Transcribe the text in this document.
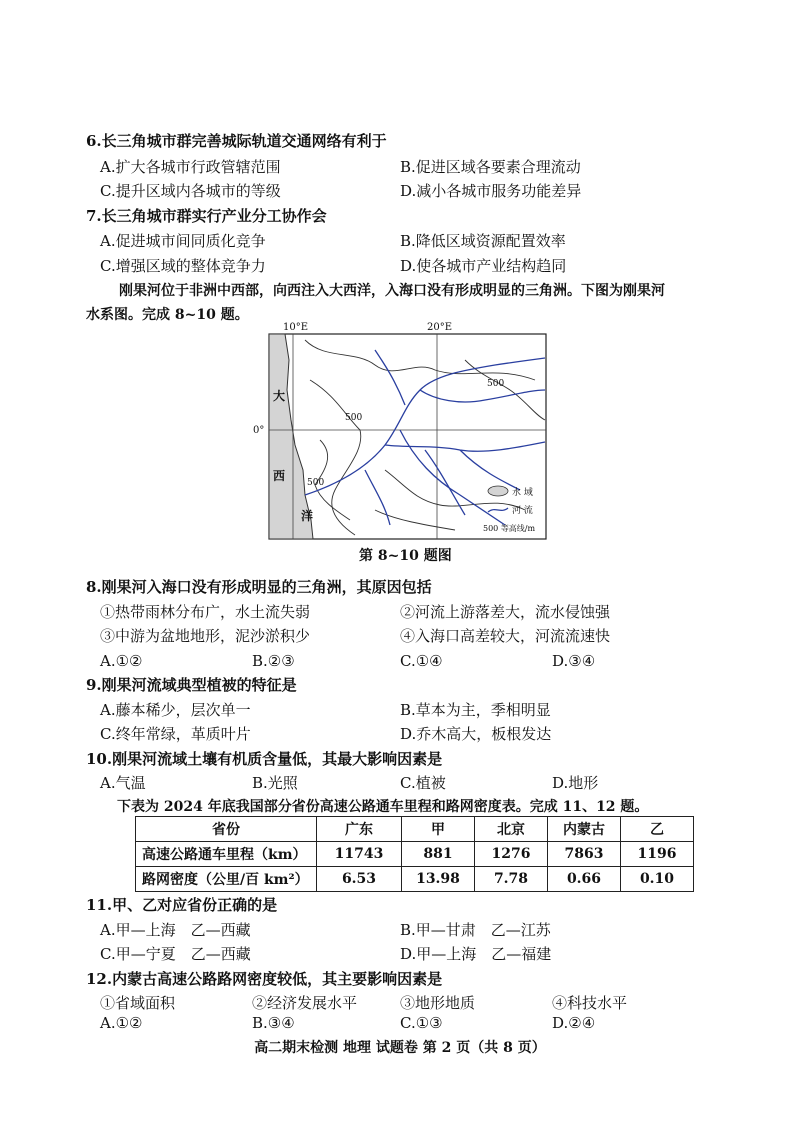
6.长三角城市群完善城际轨道交通网络有利于
A.扩大各城市行政管辖范围	B.促进区域各要素合理流动
C.提升区域内各城市的等级	D.减小各城市服务功能差异
7.长三角城市群实行产业分工协作会
A.促进城市间同质化竞争	B.降低区域资源配置效率
C.增强区域的整体竞争力	D.使各城市产业结构趋同
刚果河位于非洲中西部，向西注入大西洋，入海口没有形成明显的三角洲。下图为刚果河
水系图。完成 8~10 题。
10°E	20°E
0°
大
西
洋
500
500
500
水 域
河 流
500 等高线/m
第 8~10 题图
8.刚果河入海口没有形成明显的三角洲，其原因包括
①热带雨林分布广，水土流失弱	②河流上游落差大，流水侵蚀强
③中游为盆地地形，泥沙淤积少	④入海口高差较大，河流流速快
A.①②	B.②③	C.①④	D.③④
9.刚果河流域典型植被的特征是
A.藤本稀少，层次单一	B.草本为主，季相明显
C.终年常绿，革质叶片	D.乔木高大，板根发达
10.刚果河流域土壤有机质含量低，其最大影响因素是
A.气温	B.光照	C.植被	D.地形
下表为 2024 年底我国部分省份高速公路通车里程和路网密度表。完成 11、12 题。
省份	广东	甲	北京	内蒙古	乙
高速公路通车里程（km）	11743	881	1276	7863	1196
路网密度（公里/百 km²）	6.53	13.98	7.78	0.66	0.10
11.甲、乙对应省份正确的是
A.甲—上海　乙—西藏	B.甲—甘肃　乙—江苏
C.甲—宁夏　乙—西藏	D.甲—上海　乙—福建
12.内蒙古高速公路路网密度较低，其主要影响因素是
①省域面积	②经济发展水平	③地形地质	④科技水平
A.①②	B.③④	C.①③	D.②④
高二期末检测 地理 试题卷 第 2 页（共 8 页）
